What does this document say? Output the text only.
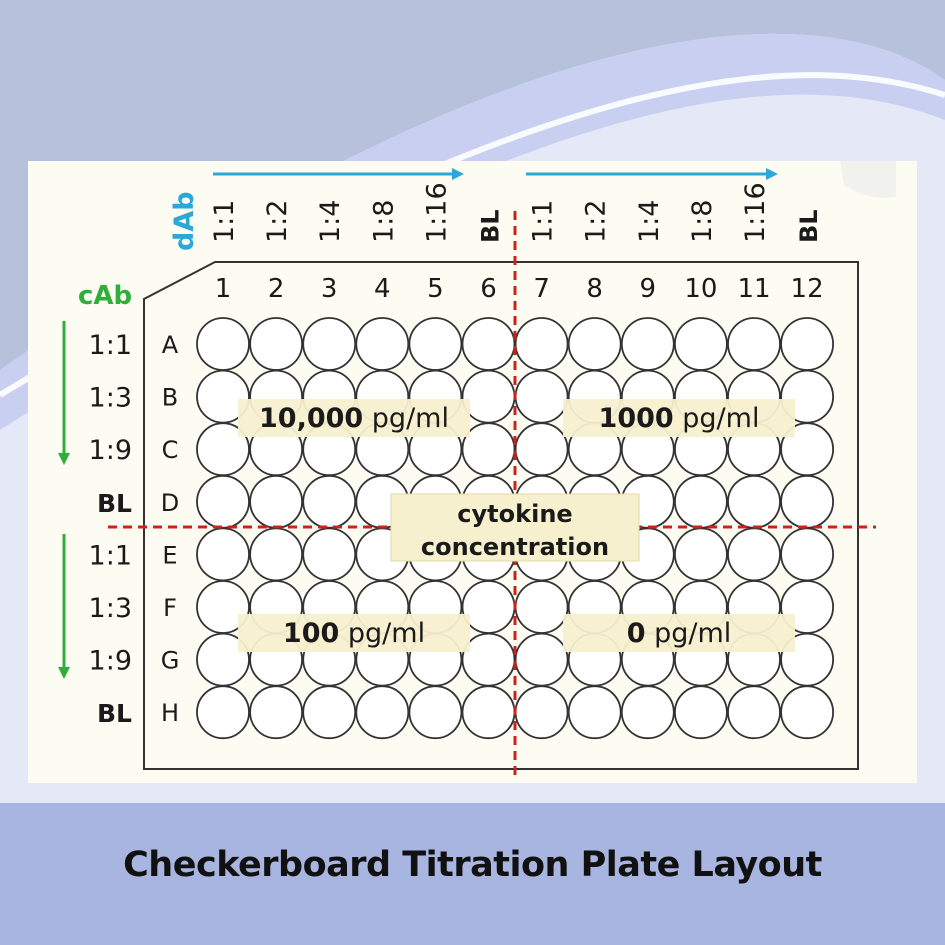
dAb
cAb
1:1 1:2 1:4 1:8 1:16 BL 1:1 1:2 1:4 1:8 1:16 BL
1 2 3 4 5 6 7 8 9 10 11 12
A
B
C
D
E
F
G
H
1:1
1:3
1:9
BL
1:1
1:3
1:9
BL
10,000 pg/ml	1000 pg/ml
100 pg/ml	0 pg/ml
cytokine
concentration
Checkerboard Titration Plate Layout
